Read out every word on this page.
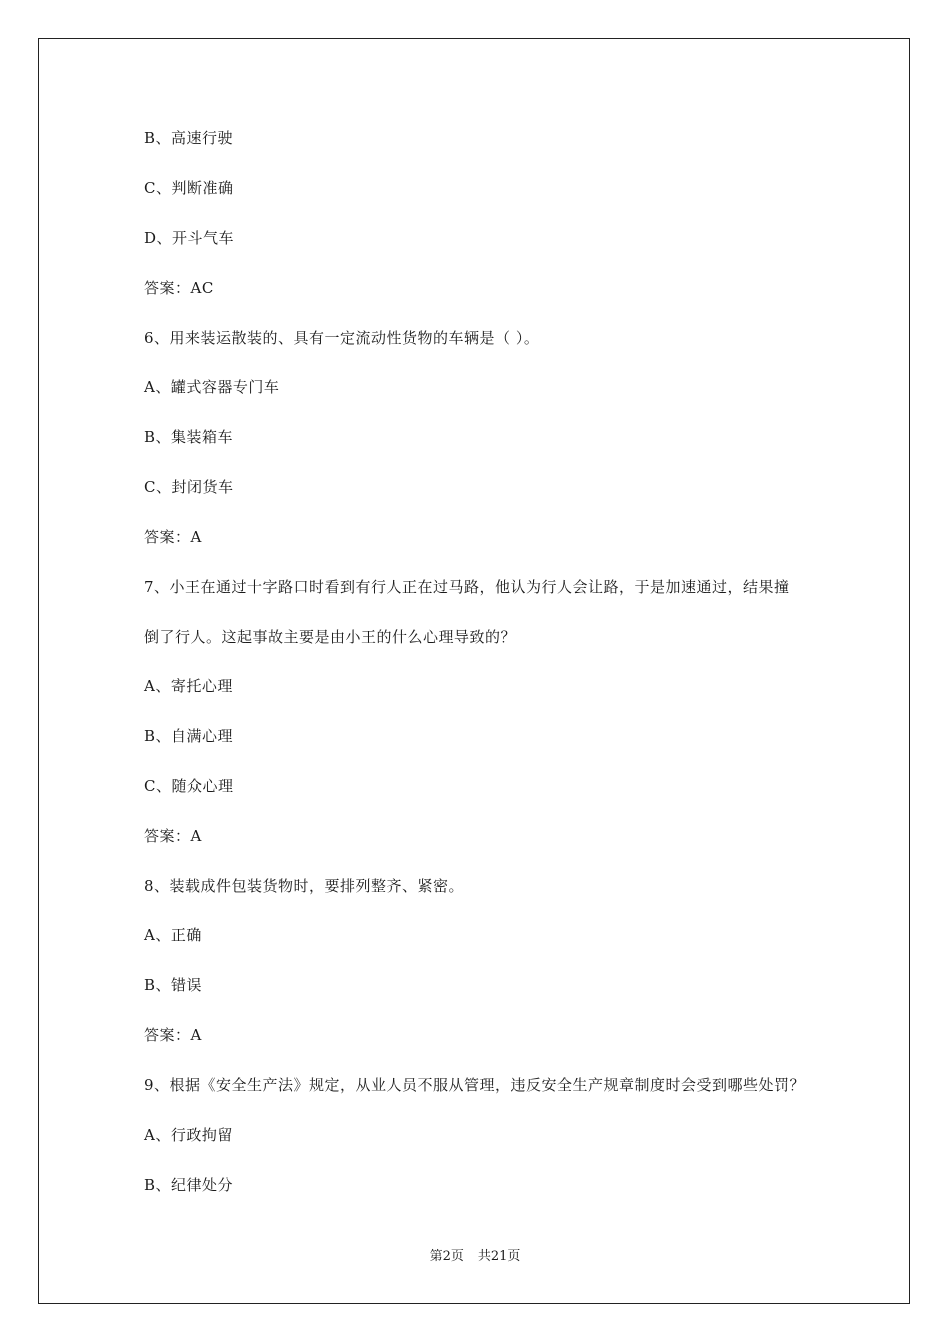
B、高速行驶
C、判断准确
D、开斗气车
答案：AC
6、用来装运散装的、具有一定流动性货物的车辆是（ ）。
A、罐式容器专门车
B、集装箱车
C、封闭货车
答案：A
7、小王在通过十字路口时看到有行人正在过马路，他认为行人会让路，于是加速通过，结果撞
倒了行人。这起事故主要是由小王的什么心理导致的？
A、寄托心理
B、自满心理
C、随众心理
答案：A
8、装载成件包装货物时，要排列整齐、紧密。
A、正确
B、错误
答案：A
9、根据《安全生产法》规定，从业人员不服从管理，违反安全生产规章制度时会受到哪些处罚？
A、行政拘留
B、纪律处分
第2页 共21页
